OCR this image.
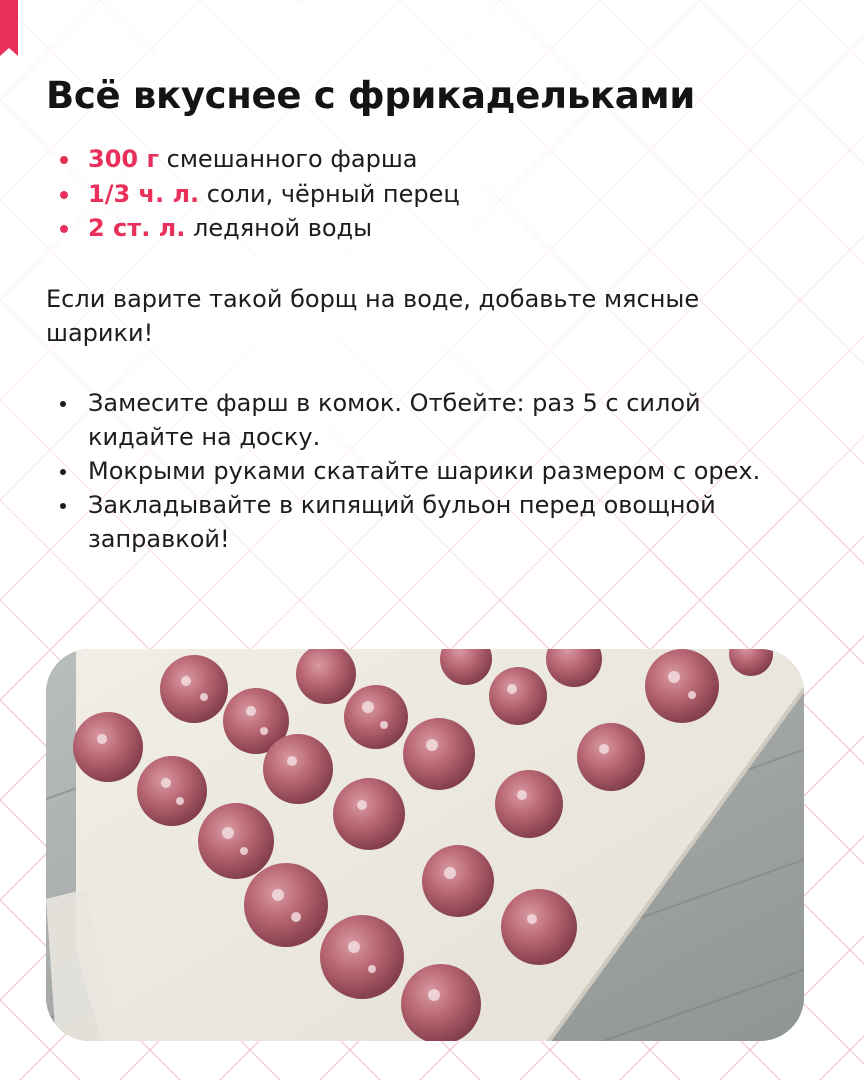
Всё вкуснее с фрикадельками
300 г смешанного фарша
1/3 ч. л. соли, чёрный перец
2 ст. л. ледяной воды

Если варите такой борщ на воде, добавьте мясные шарики!

Замесите фарш в комок. Отбейте: раз 5 с силой кидайте на доску.
Мокрыми руками скатайте шарики размером с орех.
Закладывайте в кипящий бульон перед овощной заправкой!
